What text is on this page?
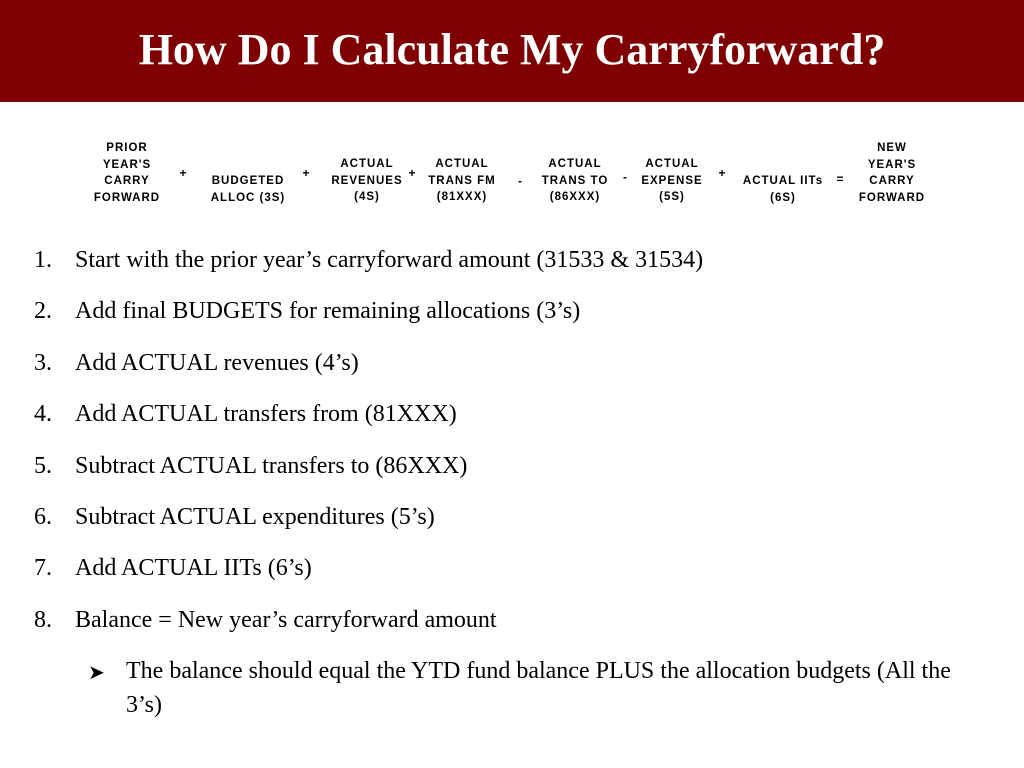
How Do I Calculate My Carryforward?
PRIOR
YEAR'S
CARRY
FORWARD
+
BUDGETED
ALLOC (3S)
+
ACTUAL
REVENUES
(4S)
+
ACTUAL
TRANS FM
(81XXX)
-
ACTUAL
TRANS TO
(86XXX)
-
ACTUAL
EXPENSE
(5S)
+
ACTUAL IITs
(6S)
=
NEW
YEAR'S
CARRY
FORWARD
1. Start with the prior year’s carryforward amount (31533 & 31534)
2. Add final BUDGETS for remaining allocations (3’s)
3. Add ACTUAL revenues (4’s)
4. Add ACTUAL transfers from (81XXX)
5. Subtract ACTUAL transfers to (86XXX)
6. Subtract ACTUAL expenditures (5’s)
7. Add ACTUAL IITs (6’s)
8. Balance = New year’s carryforward amount
➤ The balance should equal the YTD fund balance PLUS the allocation budgets (All the 3’s)
